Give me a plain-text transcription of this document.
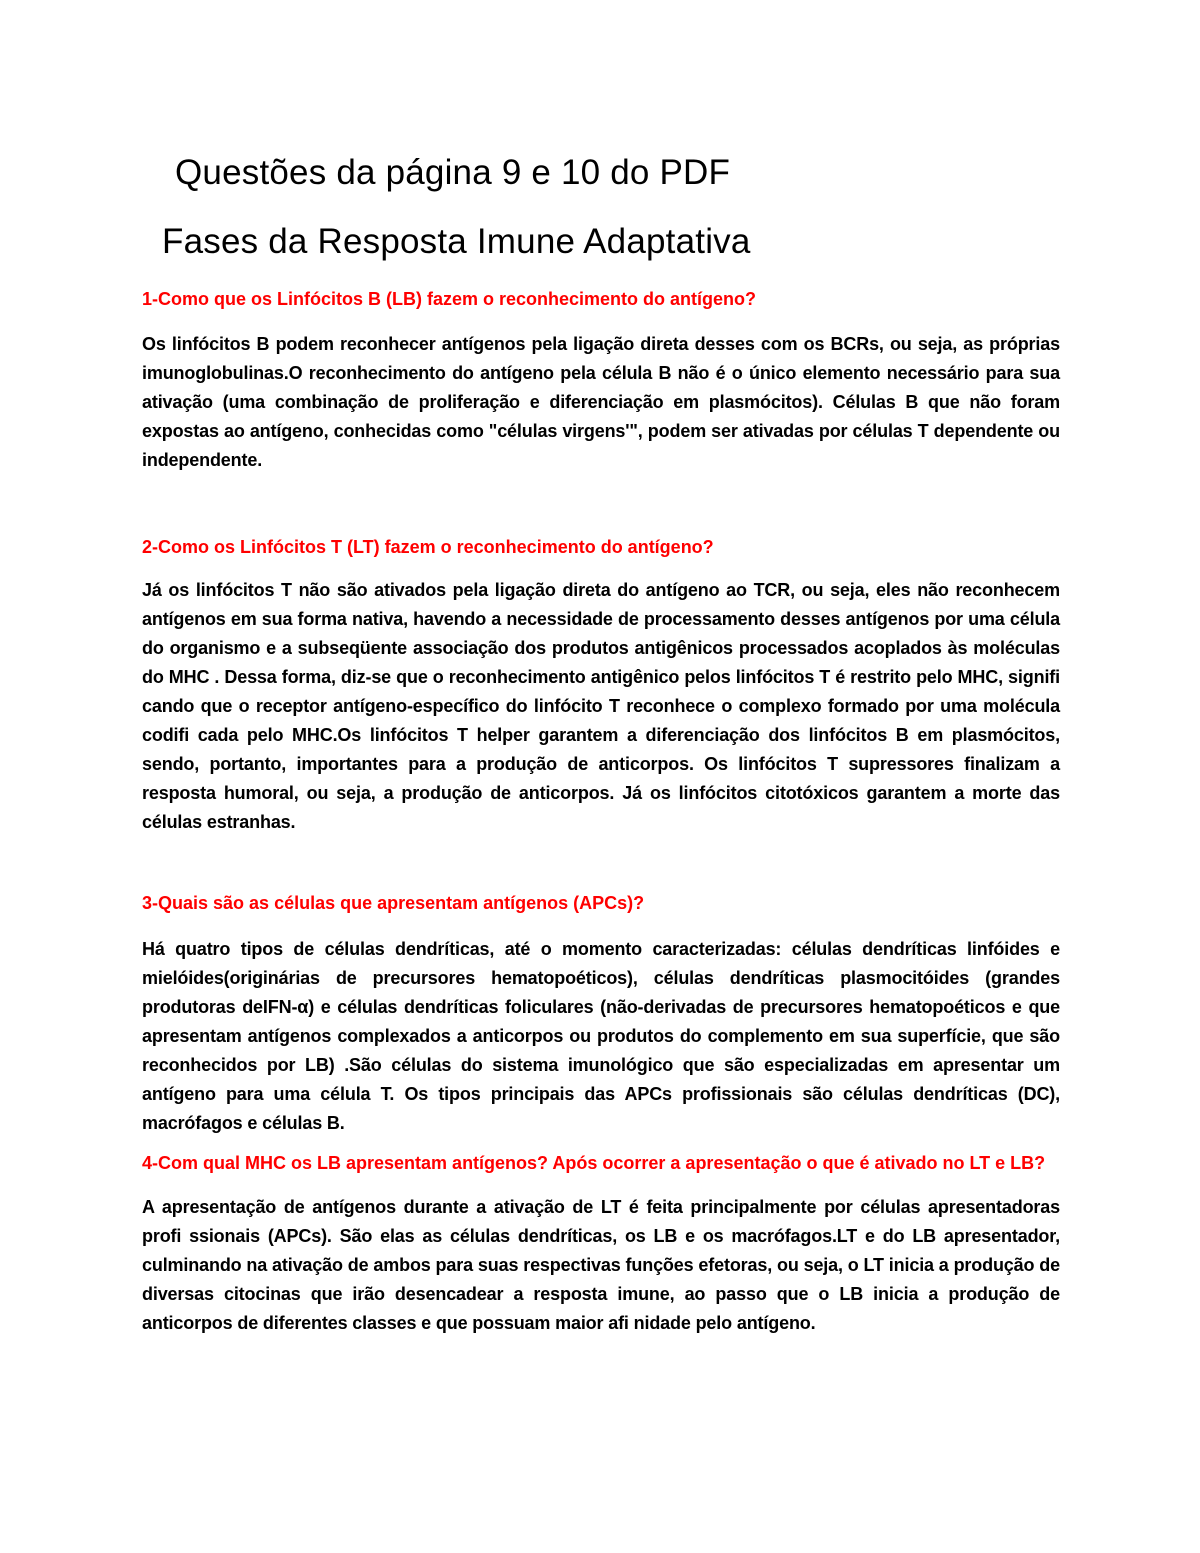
Questões da página 9 e 10 do PDF
Fases da Resposta Imune Adaptativa

1-Como que os Linfócitos B (LB) fazem o reconhecimento do antígeno?

Os linfócitos B podem reconhecer antígenos pela ligação direta desses com os BCRs, ou seja, as próprias imunoglobulinas.O reconhecimento do antígeno pela célula B não é o único elemento necessário para sua ativação (uma combinação de proliferação e diferenciação em plasmócitos). Células B que não foram expostas ao antígeno, conhecidas como "células virgens'", podem ser ativadas por células T dependente ou independente.

2-Como os Linfócitos T (LT) fazem o reconhecimento do antígeno?

Já os linfócitos T não são ativados pela ligação direta do antígeno ao TCR, ou seja, eles não reconhecem antígenos em sua forma nativa, havendo a necessidade de processamento desses antígenos por uma célula do organismo e a subseqüente associação dos produtos antigênicos processados acoplados às moléculas do MHC . Dessa forma, diz-se que o reconhecimento antigênico pelos linfócitos T é restrito pelo MHC, signifi cando que o receptor antígeno-específico do linfócito T reconhece o complexo formado por uma molécula codifi cada pelo MHC.Os linfócitos T helper garantem a diferenciação dos linfócitos B em plasmócitos, sendo, portanto, importantes para a produção de anticorpos. Os linfócitos T supressores finalizam a resposta humoral, ou seja, a produção de anticorpos. Já os linfócitos citotóxicos garantem a morte das células estranhas.

3-Quais são as células que apresentam antígenos (APCs)?

Há quatro tipos de células dendríticas, até o momento caracterizadas: células dendríticas linfóides e mielóides(originárias de precursores hematopoéticos), células dendríticas plasmocitóides (grandes produtoras deIFN-α) e células dendríticas foliculares (não-derivadas de precursores hematopoéticos e que apresentam antígenos complexados a anticorpos ou produtos do complemento em sua superfície, que são reconhecidos por LB) .São células do sistema imunológico que são especializadas em apresentar um antígeno para uma célula T. Os tipos principais das APCs profissionais são células dendríticas (DC), macrófagos e células B.

4-Com qual MHC os LB apresentam antígenos? Após ocorrer a apresentação o que é ativado no LT e LB?

A apresentação de antígenos durante a ativação de LT é feita principalmente por células apresentadoras profi ssionais (APCs). São elas as células dendríticas, os LB e os macrófagos.LT e do LB apresentador, culminando na ativação de ambos para suas respectivas funções efetoras, ou seja, o LT inicia a produção de diversas citocinas que irão desencadear a resposta imune, ao passo que o LB inicia a produção de anticorpos de diferentes classes e que possuam maior afi nidade pelo antígeno.
